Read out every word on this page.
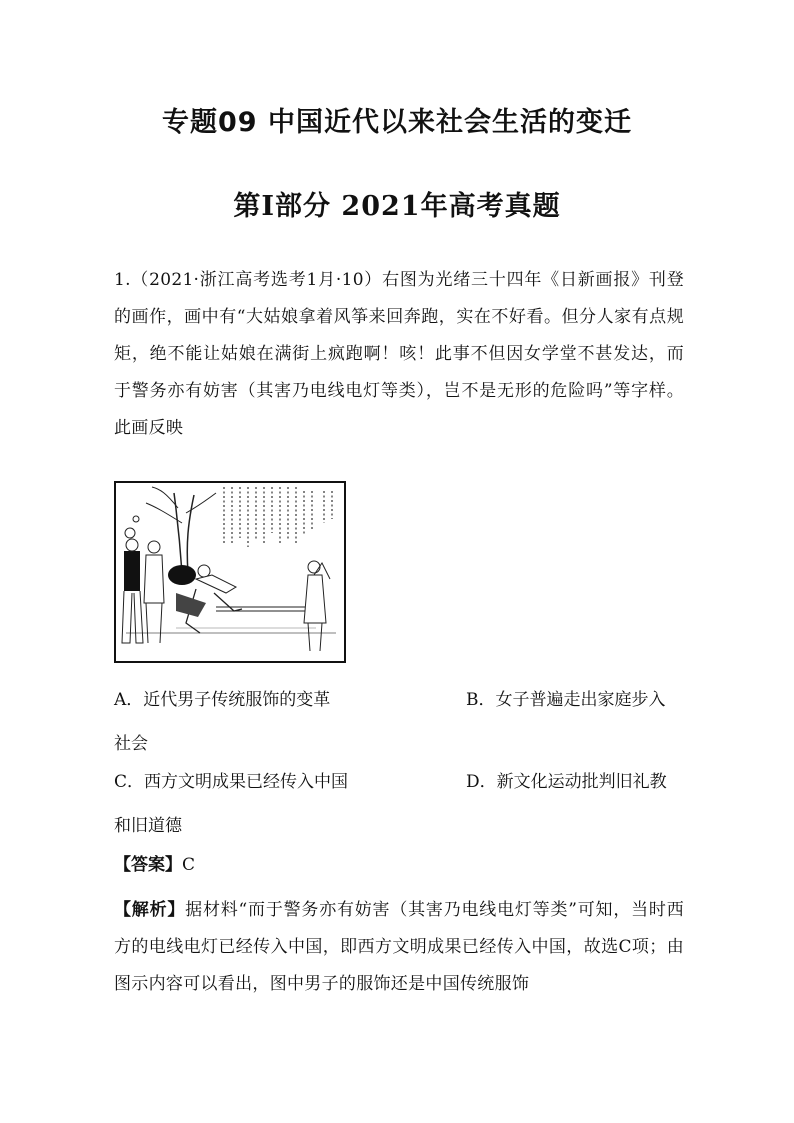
专题09 中国近代以来社会生活的变迁
第Ⅰ部分 2021年高考真题
1.（2021·浙江高考选考1月·10）右图为光绪三十四年《日新画报》刊登的画作，画中有“大姑娘拿着风筝来回奔跑，实在不好看。但分人家有点规矩，绝不能让姑娘在满街上疯跑啊！咳！此事不但因女学堂不甚发达，而于警务亦有妨害（其害乃电线电灯等类），岂不是无形的危险吗”等字样。此画反映
A．近代男子传统服饰的变革	B．女子普遍走出家庭步入
社会
C．西方文明成果已经传入中国	D．新文化运动批判旧礼教
和旧道德
【答案】C
【解析】据材料“而于警务亦有妨害（其害乃电线电灯等类”可知，当时西方的电线电灯已经传入中国，即西方文明成果已经传入中国，故选C项；由图示内容可以看出，图中男子的服饰还是中国传统服饰
